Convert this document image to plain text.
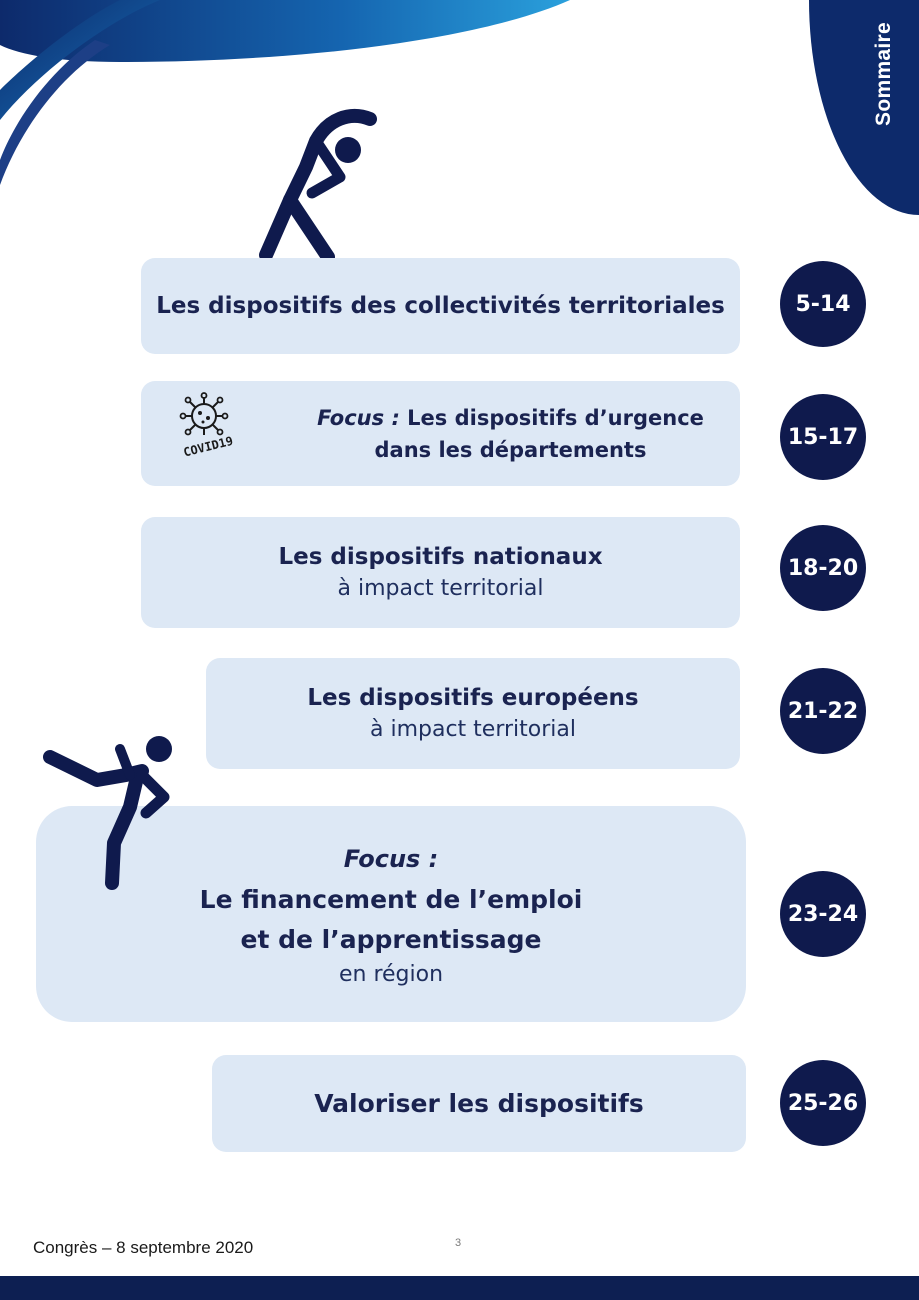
Sommaire
Les dispositifs des collectivités territoriales	5-14
Focus : Les dispositifs d’urgence
dans les départements
COVID19	15-17
Les dispositifs nationaux
à impact territorial
18-20
Les dispositifs européens
à impact territorial
21-22
Focus :
Le financement de l’emploi
et de l’apprentissage
en région
23-24
Valoriser les dispositifs	25-26
Congrès – 8 septembre 2020	3
